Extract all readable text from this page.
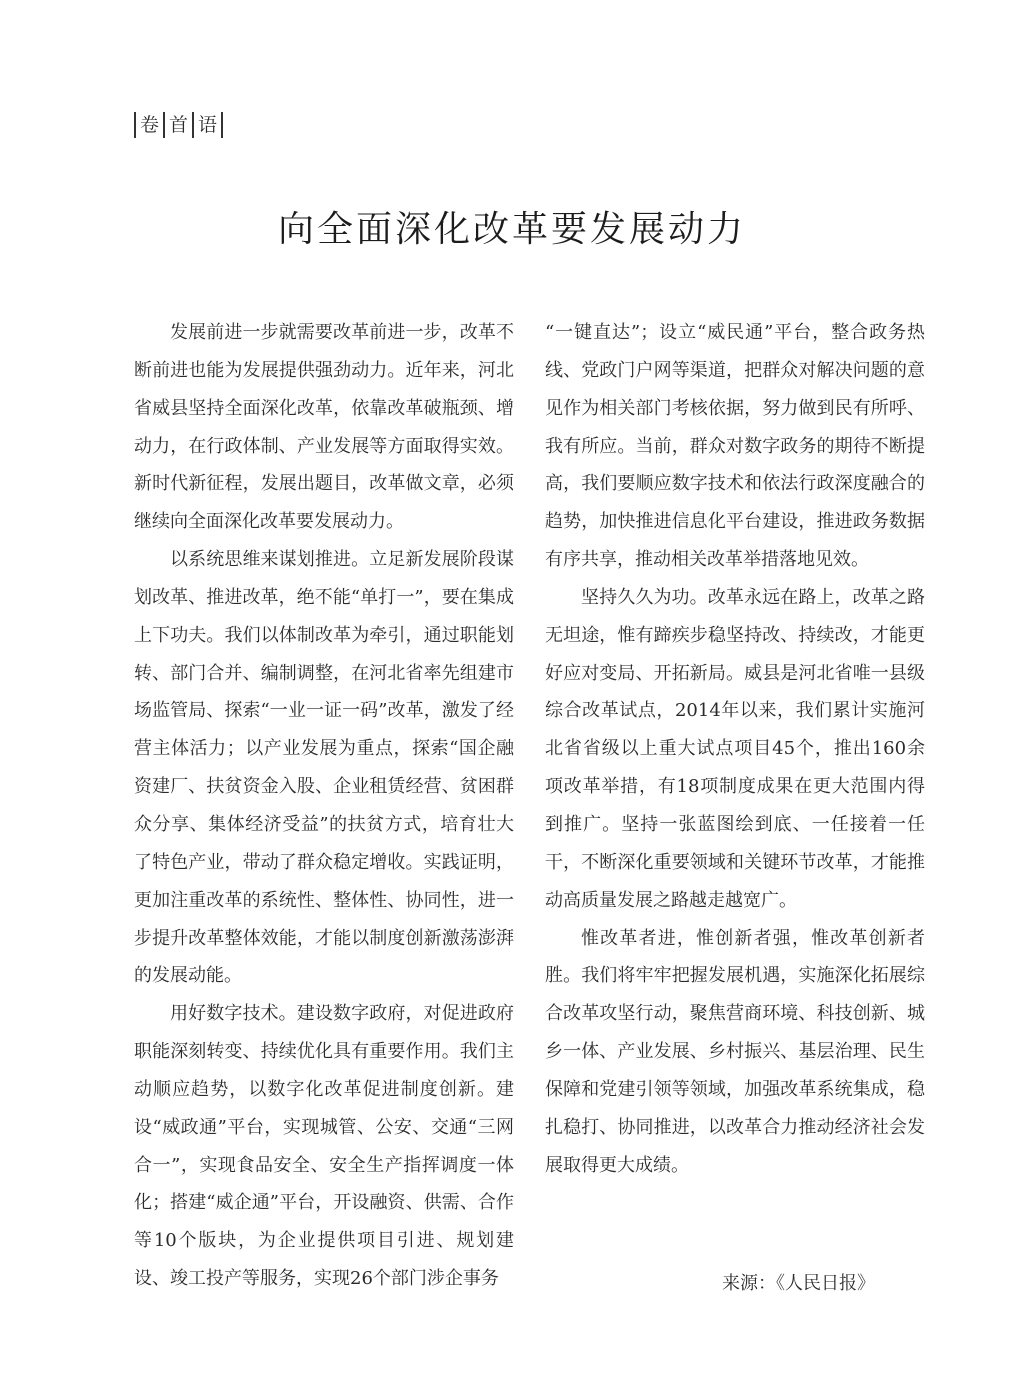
卷 首 语
向全面深化改革要发展动力

发展前进一步就需要改革前进一步，改革不断前进也能为发展提供强劲动力。近年来，河北省威县坚持全面深化改革，依靠改革破瓶颈、增动力，在行政体制、产业发展等方面取得实效。新时代新征程，发展出题目，改革做文章，必须继续向全面深化改革要发展动力。

以系统思维来谋划推进。立足新发展阶段谋划改革、推进改革，绝不能“单打一”，要在集成上下功夫。我们以体制改革为牵引，通过职能划转、部门合并、编制调整，在河北省率先组建市场监管局、探索“一业一证一码”改革，激发了经营主体活力；以产业发展为重点，探索“国企融资建厂、扶贫资金入股、企业租赁经营、贫困群众分享、集体经济受益”的扶贫方式，培育壮大了特色产业，带动了群众稳定增收。实践证明，更加注重改革的系统性、整体性、协同性，进一步提升改革整体效能，才能以制度创新激荡澎湃的发展动能。

用好数字技术。建设数字政府，对促进政府职能深刻转变、持续优化具有重要作用。我们主动顺应趋势，以数字化改革促进制度创新。建设“威政通”平台，实现城管、公安、交通“三网合一”，实现食品安全、安全生产指挥调度一体化；搭建“威企通”平台，开设融资、供需、合作等10个版块，为企业提供项目引进、规划建设、竣工投产等服务，实现26个部门涉企事务

“一键直达”；设立“威民通”平台，整合政务热线、党政门户网等渠道，把群众对解决问题的意见作为相关部门考核依据，努力做到民有所呼、我有所应。当前，群众对数字政务的期待不断提高，我们要顺应数字技术和依法行政深度融合的趋势，加快推进信息化平台建设，推进政务数据有序共享，推动相关改革举措落地见效。

坚持久久为功。改革永远在路上，改革之路无坦途，惟有蹄疾步稳坚持改、持续改，才能更好应对变局、开拓新局。威县是河北省唯一县级综合改革试点，2014年以来，我们累计实施河北省省级以上重大试点项目45个，推出160余项改革举措，有18项制度成果在更大范围内得到推广。坚持一张蓝图绘到底、一任接着一任干，不断深化重要领域和关键环节改革，才能推动高质量发展之路越走越宽广。

惟改革者进，惟创新者强，惟改革创新者胜。我们将牢牢把握发展机遇，实施深化拓展综合改革攻坚行动，聚焦营商环境、科技创新、城乡一体、产业发展、乡村振兴、基层治理、民生保障和党建引领等领域，加强改革系统集成，稳扎稳打、协同推进，以改革合力推动经济社会发展取得更大成绩。

来源：《人民日报》
